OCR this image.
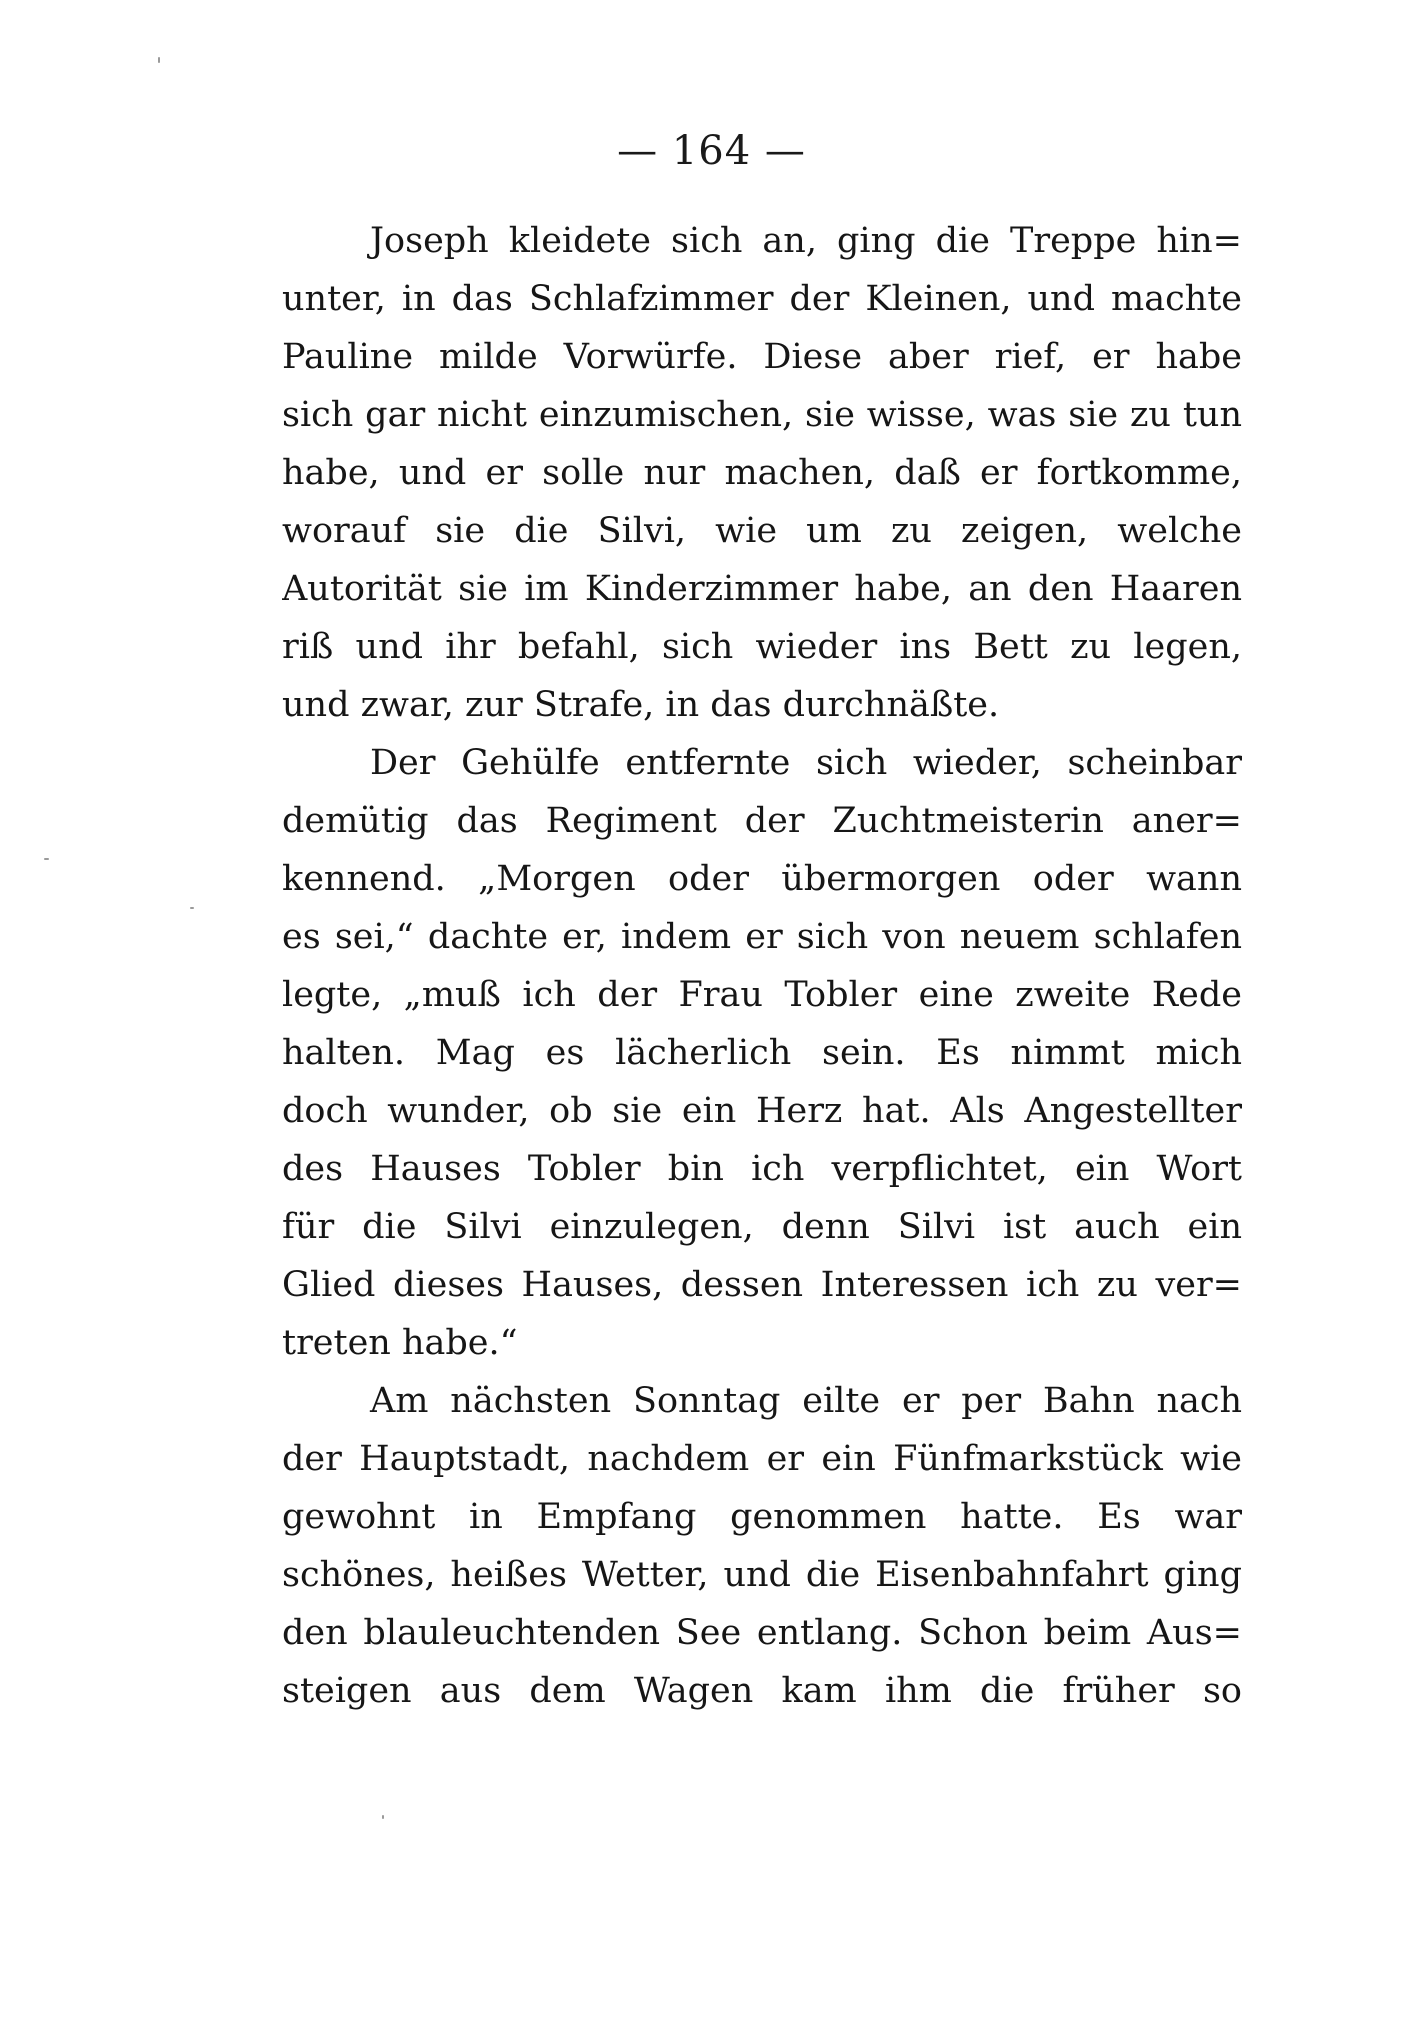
— 164 —
Joseph kleidete sich an, ging die Treppe hin=
unter, in das Schlafzimmer der Kleinen, und machte
Pauline milde Vorwürfe. Diese aber rief, er habe
sich gar nicht einzumischen, sie wisse, was sie zu tun
habe, und er solle nur machen, daß er fortkomme,
worauf sie die Silvi, wie um zu zeigen, welche
Autorität sie im Kinderzimmer habe, an den Haaren
riß und ihr befahl, sich wieder ins Bett zu legen,
und zwar, zur Strafe, in das durchnäßte.
Der Gehülfe entfernte sich wieder, scheinbar
demütig das Regiment der Zuchtmeisterin aner=
kennend. „Morgen oder übermorgen oder wann
es sei,“ dachte er, indem er sich von neuem schlafen
legte, „muß ich der Frau Tobler eine zweite Rede
halten. Mag es lächerlich sein. Es nimmt mich
doch wunder, ob sie ein Herz hat. Als Angestellter
des Hauses Tobler bin ich verpflichtet, ein Wort
für die Silvi einzulegen, denn Silvi ist auch ein
Glied dieses Hauses, dessen Interessen ich zu ver=
treten habe.“
Am nächsten Sonntag eilte er per Bahn nach
der Hauptstadt, nachdem er ein Fünfmarkstück wie
gewohnt in Empfang genommen hatte. Es war
schönes, heißes Wetter, und die Eisenbahnfahrt ging
den blauleuchtenden See entlang. Schon beim Aus=
steigen aus dem Wagen kam ihm die früher so
